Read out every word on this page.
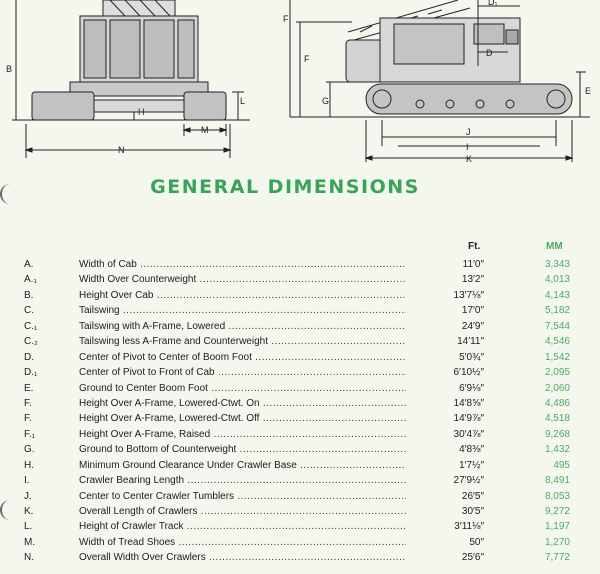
B
H
L
M
N
F
F
G
D₁
D
E
J
I
K
GENERAL DIMENSIONS
Ft.	MM
A.	Width of Cab .....	11′0″	3,343
A.₁	Width Over Counterweight .....	13′2″	4,013
B.	Height Over Cab .....	13′7⅛″	4,143
C.	Tailswing .....	17′0″	5,182
C.₁	Tailswing with A-Frame, Lowered .....	24′9″	7,544
C.₂	Tailswing less A-Frame and Counterweight .....	14′11″	4,546
D.	Center of Pivot to Center of Boom Foot .....	5′0¾″	1,542
D.₁	Center of Pivot to Front of Cab .....	6′10½″	2,095
E.	Ground to Center Boom Foot .....	6′9⅛″	2,060
F.	Height Over A-Frame, Lowered-Ctwt. On .....	14′8⅝″	4,486
F.	Height Over A-Frame, Lowered-Ctwt. Off .....	14′9⅞″	4,518
F.₁	Height Over A-Frame, Raised .....	30′4⅞″	9,268
G.	Ground to Bottom of Counterweight .....	4′8⅜″	1,432
H.	Minimum Ground Clearance Under Crawler Base .....	1′7½″	495
I.	Crawler Bearing Length .....	27′9½″	8,491
J.	Center to Center Crawler Tumblers .....	26′5″	8,053
K.	Overall Length of Crawlers .....	30′5″	9,272
L.	Height of Crawler Track .....	3′11⅛″	1,197
M.	Width of Tread Shoes .....	50″	1,270
N.	Overall Width Over Crawlers .....	25′6″	7,772
